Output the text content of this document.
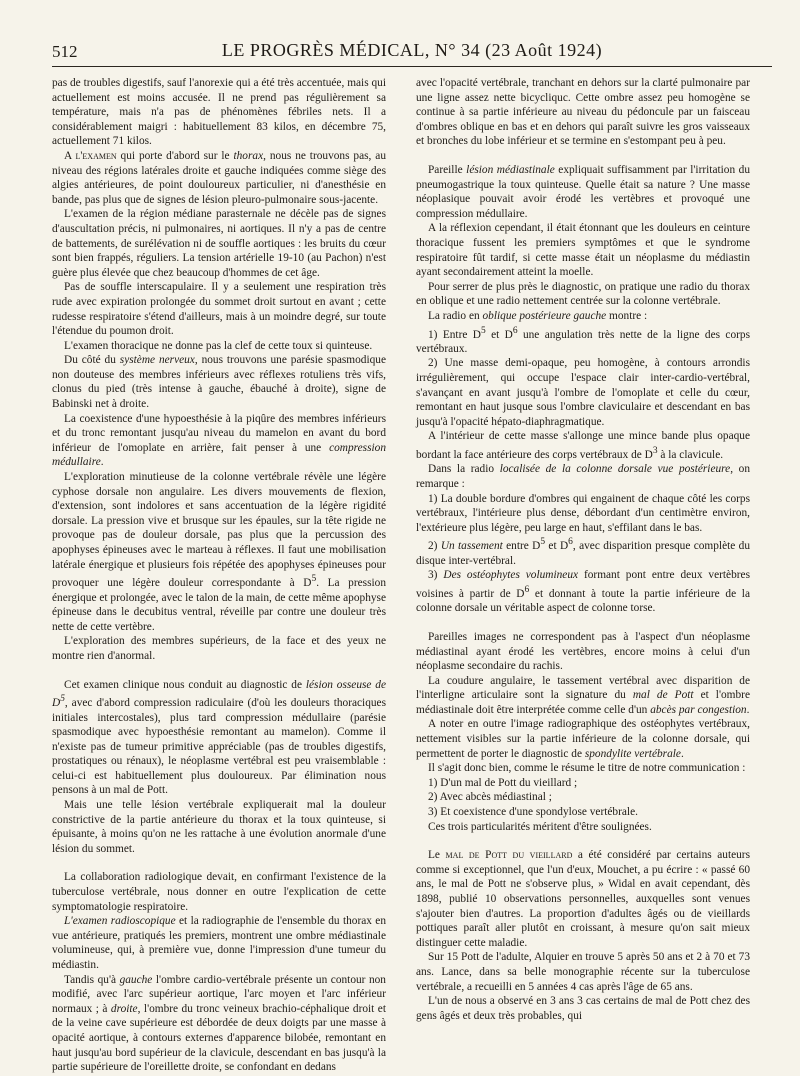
512	LE PROGRÈS MÉDICAL, N° 34 (23 Août 1924)

pas de troubles digestifs, sauf l'anorexie qui a été très accentuée, mais qui actuellement est moins accusée. Il ne prend pas régulièrement sa température, mais n'a pas de phénomènes fébriles nets. Il a considérablement maigri : habituellement 83 kilos, en décembre 75, actuellement 71 kilos.

A l'examen qui porte d'abord sur le thorax, nous ne trouvons pas, au niveau des régions latérales droite et gauche indiquées comme siège des algies antérieures, de point douloureux particulier, ni d'anesthésie en bande, pas plus que de signes de lésion pleuro-pulmonaire sous-jacente.

L'examen de la région médiane parasternale ne décèle pas de signes d'auscultation précis, ni pulmonaires, ni aortiques. Il n'y a pas de centre de battements, de surélévation ni de souffle aortiques : les bruits du cœur sont bien frappés, réguliers. La tension artérielle 19-10 (au Pachon) n'est guère plus élevée que chez beaucoup d'hommes de cet âge.

Pas de souffle interscapulaire. Il y a seulement une respiration très rude avec expiration prolongée du sommet droit surtout en avant ; cette rudesse respiratoire s'étend d'ailleurs, mais à un moindre degré, sur toute l'étendue du poumon droit.

L'examen thoracique ne donne pas la clef de cette toux si quinteuse.

Du côté du système nerveux, nous trouvons une parésie spasmodique non douteuse des membres inférieurs avec réflexes rotuliens très vifs, clonus du pied (très intense à gauche, ébauché à droite), signe de Babinski net à droite.

La coexistence d'une hypoesthésie à la piqûre des membres inférieurs et du tronc remontant jusqu'au niveau du mamelon en avant du bord inférieur de l'omoplate en arrière, fait penser à une compression médullaire.

L'exploration minutieuse de la colonne vertébrale révèle une légère cyphose dorsale non angulaire. Les divers mouvements de flexion, d'extension, sont indolores et sans accentuation de la légère rigidité dorsale. La pression vive et brusque sur les épaules, sur la tête rigide ne provoque pas de douleur dorsale, pas plus que la percussion des apophyses épineuses avec le marteau à réflexes. Il faut une mobilisation latérale énergique et plusieurs fois répétée des apophyses épineuses pour provoquer une légère douleur correspondante à $D^5$. La pression énergique et prolongée, avec le talon de la main, de cette même apophyse épineuse dans le decubitus ventral, réveille par contre une douleur très nette de cette vertèbre.

L'exploration des membres supérieurs, de la face et des yeux ne montre rien d'anormal.

Cet examen clinique nous conduit au diagnostic de lésion osseuse de $D^5$, avec d'abord compression radiculaire (d'où les douleurs thoraciques initiales intercostales), plus tard compression médullaire (parésie spasmodique avec hypoesthésie remontant au mamelon). Comme il n'existe pas de tumeur primitive appréciable (pas de troubles digestifs, prostatiques ou rénaux), le néoplasme vertébral est peu vraisemblable : celui-ci est habituellement plus douloureux. Par élimination nous pensons à un mal de Pott.

Mais une telle lésion vertébrale expliquerait mal la douleur constrictive de la partie antérieure du thorax et la toux quinteuse, si épuisante, à moins qu'on ne les rattache à une évolution anormale d'une lésion du sommet.

La collaboration radiologique devait, en confirmant l'existence de la tuberculose vertébrale, nous donner en outre l'explication de cette symptomatologie respiratoire.

L'examen radioscopique et la radiographie de l'ensemble du thorax en vue antérieure, pratiqués les premiers, montrent une ombre médiastinale volumineuse, qui, à première vue, donne l'impression d'une tumeur du médiastin.

Tandis qu'à gauche l'ombre cardio-vertébrale présente un contour non modifié, avec l'arc supérieur aortique, l'arc moyen et l'arc inférieur normaux ; à droite, l'ombre du tronc veineux brachio-céphalique droit et de la veine cave supérieure est débordée de deux doigts par une masse à opacité aortique, à contours externes d'apparence bilobée, remontant en haut jusqu'au bord supérieur de la clavicule, descendant en bas jusqu'à la partie supérieure de l'oreillette droite, se confondant en dedans

avec l'opacité vertébrale, tranchant en dehors sur la clarté pulmonaire par une ligne assez nette bicycliquc. Cette ombre assez peu homogène se continue à sa partie inférieure au niveau du pédoncule par un faisceau d'ombres oblique en bas et en dehors qui paraît suivre les gros vaisseaux et bronches du lobe inférieur et se termine en s'estompant peu à peu.

Pareille lésion médiastinale expliquait suffisamment par l'irritation du pneumogastrique la toux quinteuse. Quelle était sa nature ? Une masse néoplasique pouvait avoir érodé les vertèbres et provoqué une compression médullaire.

A la réflexion cependant, il était étonnant que les douleurs en ceinture thoracique fussent les premiers symptômes et que le syndrome respiratoire fût tardif, si cette masse était un néoplasme du médiastin ayant secondairement atteint la moelle.

Pour serrer de plus près le diagnostic, on pratique une radio du thorax en oblique et une radio nettement centrée sur la colonne vertébrale.

La radio en oblique postérieure gauche montre :

1) Entre $D^5$ et $D^6$ une angulation très nette de la ligne des corps vertébraux.

2) Une masse demi-opaque, peu homogène, à contours arrondis irrégulièrement, qui occupe l'espace clair inter-cardio-vertébral, s'avançant en avant jusqu'à l'ombre de l'omoplate et celle du cœur, remontant en haut jusque sous l'ombre claviculaire et descendant en bas jusqu'à l'opacité hépato-diaphragmatique.

A l'intérieur de cette masse s'allonge une mince bande plus opaque bordant la face antérieure des corps vertébraux de $D^3$ à la clavicule.

Dans la radio localisée de la colonne dorsale vue postérieure, on remarque :

1) La double bordure d'ombres qui engainent de chaque côté les corps vertébraux, l'intérieure plus dense, débordant d'un centimètre environ, l'extérieure plus légère, peu large en haut, s'effilant dans le bas.

2) Un tassement entre $D^5$ et $D^6$, avec disparition presque complète du disque inter-vertébral.

3) Des ostéophytes volumineux formant pont entre deux vertèbres voisines à partir de $D^6$ et donnant à toute la partie inférieure de la colonne dorsale un véritable aspect de colonne torse.

Pareilles images ne correspondent pas à l'aspect d'un néoplasme médiastinal ayant érodé les vertèbres, encore moins à celui d'un néoplasme secondaire du rachis.

La coudure angulaire, le tassement vertébral avec disparition de l'interligne articulaire sont la signature du mal de Pott et l'ombre médiastinale doit être interprétée comme celle d'un abcès par congestion.

A noter en outre l'image radiographique des ostéophytes vertébraux, nettement visibles sur la partie inférieure de la colonne dorsale, qui permettent de porter le diagnostic de spondylite vertébrale.

Il s'agit donc bien, comme le résume le titre de notre communication :

1) D'un mal de Pott du vieillard ;

2) Avec abcès médiastinal ;

3) Et coexistence d'une spondylose vertébrale.

Ces trois particularités méritent d'être soulignées.

Le mal de Pott du vieillard a été considéré par certains auteurs comme si exceptionnel, que l'un d'eux, Mouchet, a pu écrire : « passé 60 ans, le mal de Pott ne s'observe plus, » Widal en avait cependant, dès 1898, publié 10 observations personnelles, auxquelles sont venues s'ajouter bien d'autres. La proportion d'adultes âgés ou de vieillards pottiques paraît aller plutôt en croissant, à mesure qu'on sait mieux distinguer cette maladie.

Sur 15 Pott de l'adulte, Alquier en trouve 5 après 50 ans et 2 à 70 et 73 ans. Lance, dans sa belle monographie récente sur la tuberculose vertébrale, a recueilli en 5 années 4 cas après l'âge de 65 ans.

L'un de nous a observé en 3 ans 3 cas certains de mal de Pott chez des gens âgés et deux très probables, qui
